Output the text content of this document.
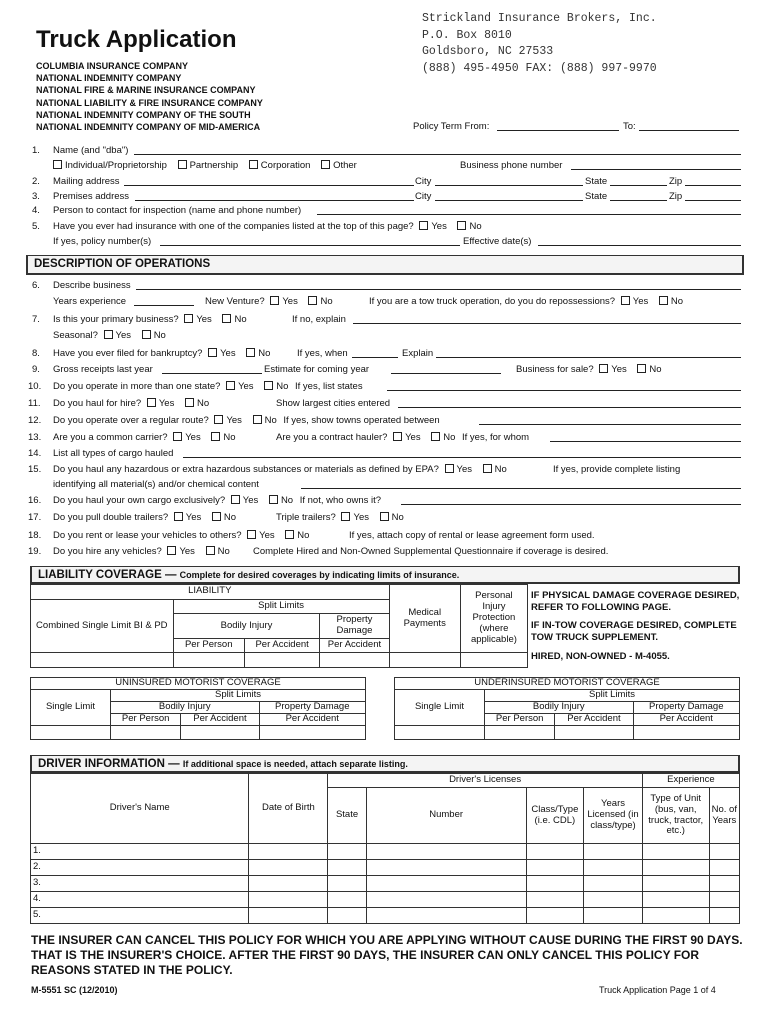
Truck Application
COLUMBIA INSURANCE COMPANY
NATIONAL INDEMNITY COMPANY
NATIONAL FIRE & MARINE INSURANCE COMPANY
NATIONAL LIABILITY & FIRE INSURANCE COMPANY
NATIONAL INDEMNITY COMPANY OF THE SOUTH
NATIONAL INDEMNITY COMPANY OF MID-AMERICA
Strickland Insurance Brokers, Inc.
P.O. Box 8010
Goldsboro, NC 27533
(888) 495-4950 FAX: (888) 997-9970
Policy Term From:	To:
1. Name (and "dba")
Individual/Proprietorship Partnership Corporation Other	Business phone number
2. Mailing address	City	State	Zip
3. Premises address	City	State	Zip
4. Person to contact for inspection (name and phone number)
5. Have you ever had insurance with one of the companies listed at the top of this page? Yes No
If yes, policy number(s)	Effective date(s)
DESCRIPTION OF OPERATIONS
6. Describe business
Years experience	New Venture? Yes No	If you are a tow truck operation, do you do repossessions? Yes No
7. Is this your primary business? Yes No	If no, explain
Seasonal? Yes No
8. Have you ever filed for bankruptcy? Yes No	If yes, when	Explain
9. Gross receipts last year	Estimate for coming year	Business for sale? Yes No
10. Do you operate in more than one state? Yes No If yes, list states
11. Do you haul for hire? Yes No	Show largest cities entered
12. Do you operate over a regular route? Yes No If yes, show towns operated between
13. Are you a common carrier? Yes No	Are you a contract hauler? Yes No If yes, for whom
14. List all types of cargo hauled
15. Do you haul any hazardous or extra hazardous substances or materials as defined by EPA? Yes No	If yes, provide complete listing
identifying all material(s) and/or chemical content
16. Do you haul your own cargo exclusively? Yes No If not, who owns it?
17. Do you pull double trailers? Yes No	Triple trailers? Yes No
18. Do you rent or lease your vehicles to others? Yes No	If yes, attach copy of rental or lease agreement form used.
19. Do you hire any vehicles? Yes No Complete Hired and Non-Owned Supplemental Questionnaire if coverage is desired.
LIABILITY COVERAGE — Complete for desired coverages by indicating limits of insurance.
LIABILITY				Medical Payments	Personal Injury Protection (where applicable)
Combined Single Limit BI & PD	Split Limits				
	Bodily Injury		Property Damage		
	Per Person	Per Accident	Per Accident		

IF PHYSICAL DAMAGE COVERAGE DESIRED, REFER TO FOLLOWING PAGE.
IF IN-TOW COVERAGE DESIRED, COMPLETE TOW TRUCK SUPPLEMENT.
HIRED, NON-OWNED - M-4055.
UNINSURED MOTORIST COVERAGE			
Single Limit	Split Limits		
	Bodily Injury		Property Damage
	Per Person	Per Accident	Per Accident

UNDERINSURED MOTORIST COVERAGE			
Single Limit	Split Limits		
	Bodily Injury		Property Damage
	Per Person	Per Accident	Per Accident

DRIVER INFORMATION — If additional space is needed, attach separate listing.
Driver's Name	Date of Birth	Driver's Licenses				Experience	
		State	Number	Class/Type (i.e. CDL)	Years Licensed (in class/type)	Type of Unit (bus, van, truck, tractor, etc.)	No. of Years
1.							
2.							
3.							
4.							
5.							
THE INSURER CAN CANCEL THIS POLICY FOR WHICH YOU ARE APPLYING WITHOUT CAUSE DURING THE FIRST 90 DAYS. THAT IS THE INSURER'S CHOICE. AFTER THE FIRST 90 DAYS, THE INSURER CAN ONLY CANCEL THIS POLICY FOR REASONS STATED IN THE POLICY.
M-5551 SC (12/2010)	Truck Application Page 1 of 4
